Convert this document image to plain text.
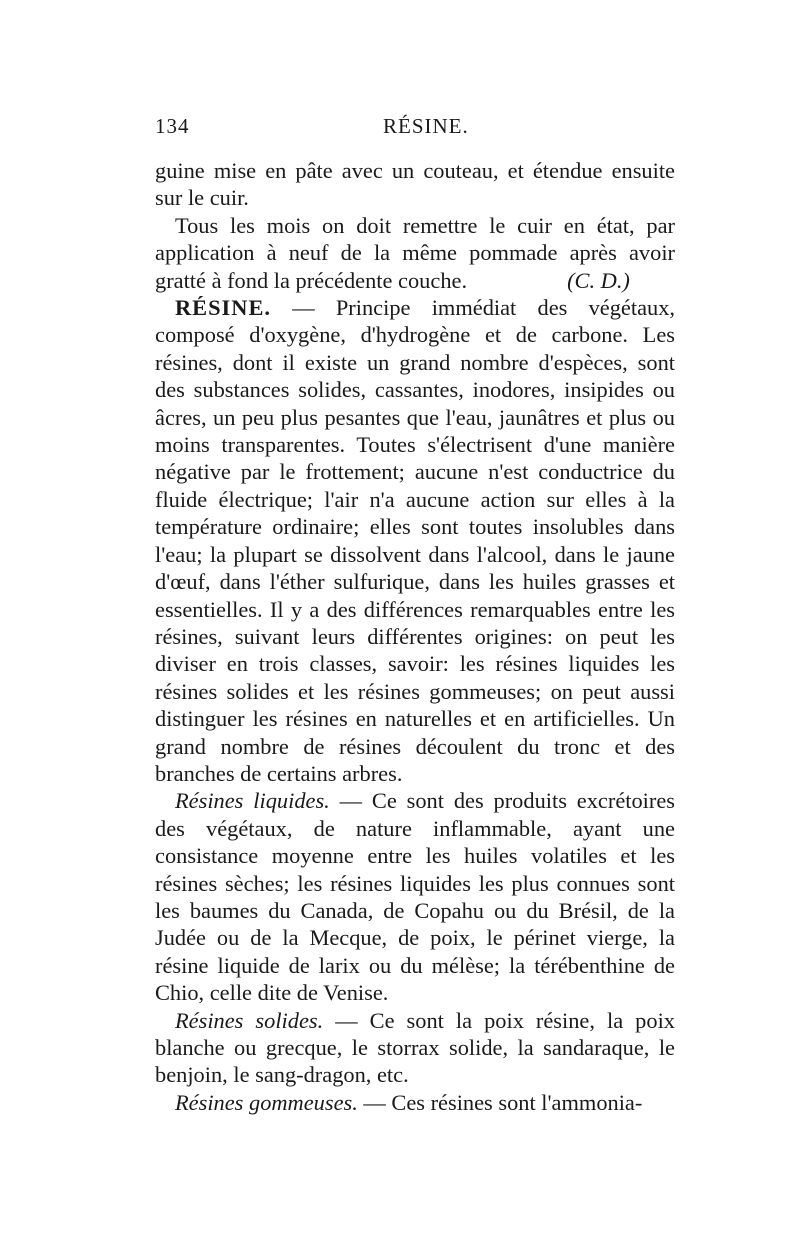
134	RÉSINE.

guine mise en pâte avec un couteau, et étendue ensuite sur le cuir.

Tous les mois on doit remettre le cuir en état, par application à neuf de la même pommade après avoir gratté à fond la précédente couche.	(C. D.)

RÉSINE. — Principe immédiat des végétaux, composé d'oxygène, d'hydrogène et de carbone. Les résines, dont il existe un grand nombre d'espèces, sont des substances solides, cassantes, inodores, insipides ou âcres, un peu plus pesantes que l'eau, jaunâtres et plus ou moins transparentes. Toutes s'électrisent d'une manière négative par le frottement; aucune n'est conductrice du fluide électrique; l'air n'a aucune action sur elles à la température ordinaire; elles sont toutes insolubles dans l'eau; la plupart se dissolvent dans l'alcool, dans le jaune d'œuf, dans l'éther sulfurique, dans les huiles grasses et essentielles. Il y a des différences remarquables entre les résines, suivant leurs différentes origines: on peut les diviser en trois classes, savoir: les résines liquides les résines solides et les résines gommeuses; on peut aussi distinguer les résines en naturelles et en artificielles. Un grand nombre de résines découlent du tronc et des branches de certains arbres.

Résines liquides. — Ce sont des produits excrétoires des végétaux, de nature inflammable, ayant une consistance moyenne entre les huiles volatiles et les résines sèches; les résines liquides les plus connues sont les baumes du Canada, de Copahu ou du Brésil, de la Judée ou de la Mecque, de poix, le périnet vierge, la résine liquide de larix ou du mélèse; la térébenthine de Chio, celle dite de Venise.

Résines solides. — Ce sont la poix résine, la poix blanche ou grecque, le storrax solide, la sandaraque, le benjoin, le sang-dragon, etc.

Résines gommeuses. — Ces résines sont l'ammonia-
